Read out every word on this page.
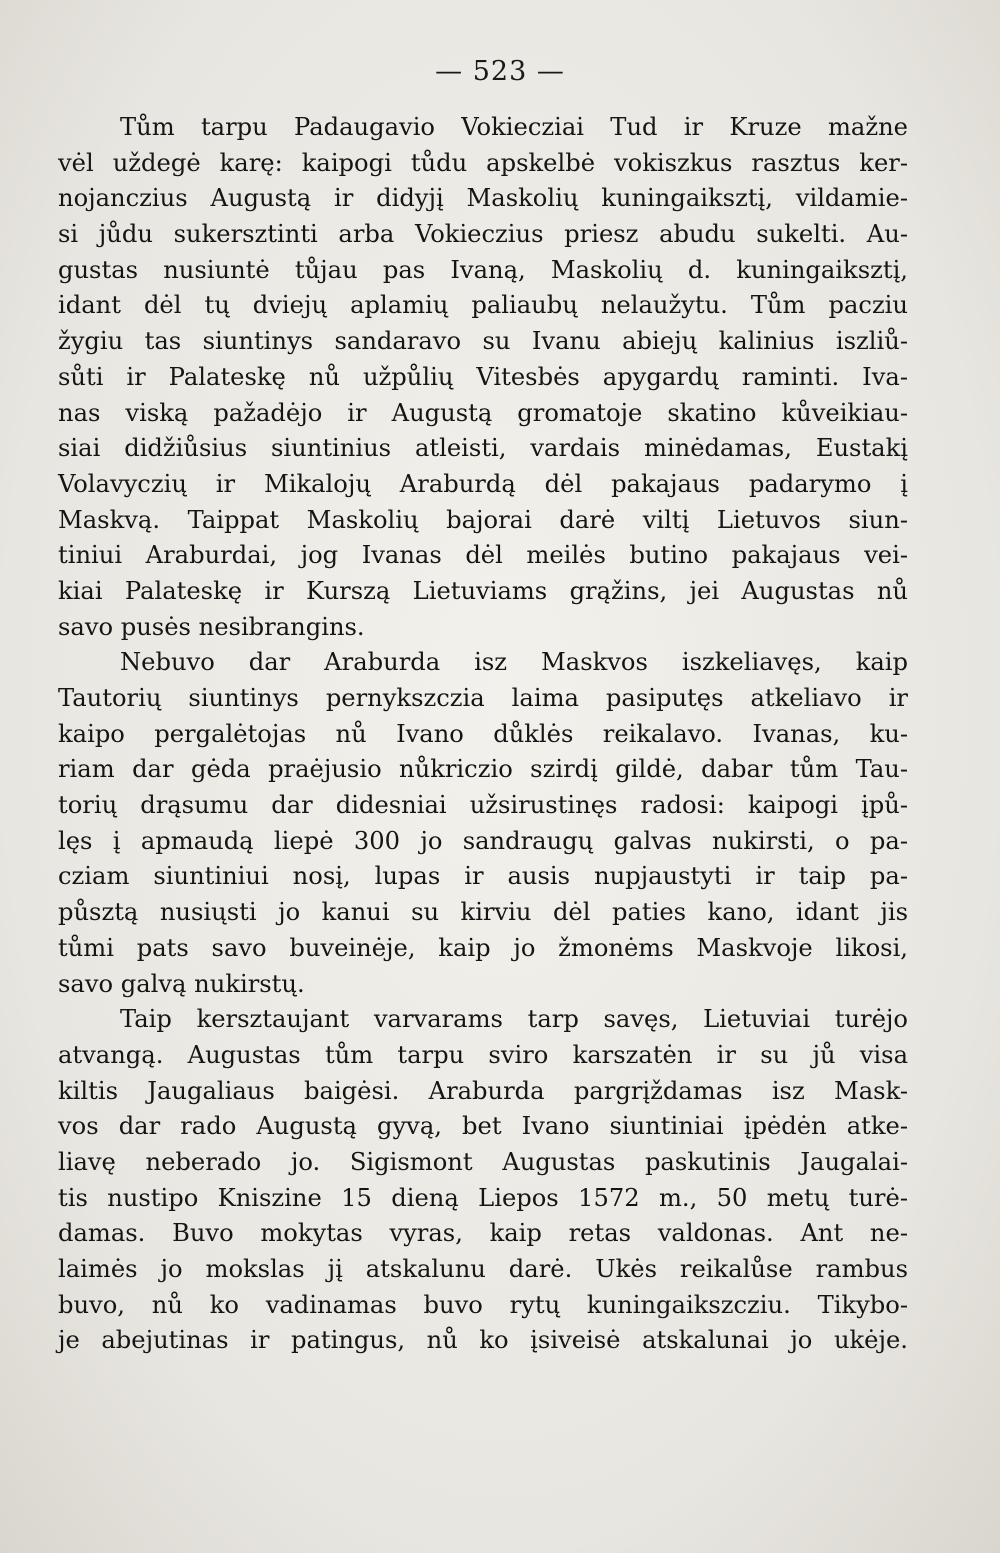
— 523 —
Tům tarpu Padaugavio Vokiecziai Tud ir Kruze mažne
vėl uždegė karę: kaipogi tůdu apskelbė vokiszkus rasztus ker-
nojanczius Augustą ir didyjį Maskolių kuningaiksztį, vildamie-
si jůdu sukersztinti arba Vokieczius priesz abudu sukelti. Au-
gustas nusiuntė tůjau pas Ivaną, Maskolių d. kuningaiksztį,
idant dėl tų dviejų aplamių paliaubų nelaužytu. Tům pacziu
žygiu tas siuntinys sandaravo su Ivanu abiejų kalinius iszliů-
sůti ir Palateskę nů užpůlių Vitesbės apygardų raminti. Iva-
nas viską pažadėjo ir Augustą gromatoje skatino kůveikiau-
siai didžiůsius siuntinius atleisti, vardais minėdamas, Eustakį
Volavyczių ir Mikalojų Araburdą dėl pakajaus padarymo į
Maskvą. Taippat Maskolių bajorai darė viltį Lietuvos siun-
tiniui Araburdai, jog Ivanas dėl meilės butino pakajaus vei-
kiai Palateskę ir Kurszą Lietuviams grąžins, jei Augustas nů
savo pusės nesibrangins.
Nebuvo dar Araburda isz Maskvos iszkeliavęs, kaip
Tautorių siuntinys pernykszczia laima pasiputęs atkeliavo ir
kaipo pergalėtojas nů Ivano důklės reikalavo. Ivanas, ku-
riam dar gėda praėjusio nůkriczio szirdį gildė, dabar tům Tau-
torių drąsumu dar didesniai užsirustinęs radosi: kaipogi įpů-
lęs į apmaudą liepė 300 jo sandraugų galvas nukirsti, o pa-
cziam siuntiniui nosį, lupas ir ausis nupjaustyti ir taip pa-
půsztą nusiųsti jo kanui su kirviu dėl paties kano, idant jis
tůmi pats savo buveinėje, kaip jo žmonėms Maskvoje likosi,
savo galvą nukirstų.
Taip kersztaujant varvarams tarp savęs, Lietuviai turėjo
atvangą. Augustas tům tarpu sviro karszatėn ir su jů visa
kiltis Jaugaliaus baigėsi. Araburda pargrįždamas isz Mask-
vos dar rado Augustą gyvą, bet Ivano siuntiniai įpėdėn atke-
liavę neberado jo. Sigismont Augustas paskutinis Jaugalai-
tis nustipo Kniszine 15 dieną Liepos 1572 m., 50 metų turė-
damas. Buvo mokytas vyras, kaip retas valdonas. Ant ne-
laimės jo mokslas jį atskalunu darė. Ukės reikalůse rambus
buvo, nů ko vadinamas buvo rytų kuningaikszcziu. Tikybo-
je abejutinas ir patingus, nů ko įsiveisė atskalunai jo ukėje.
